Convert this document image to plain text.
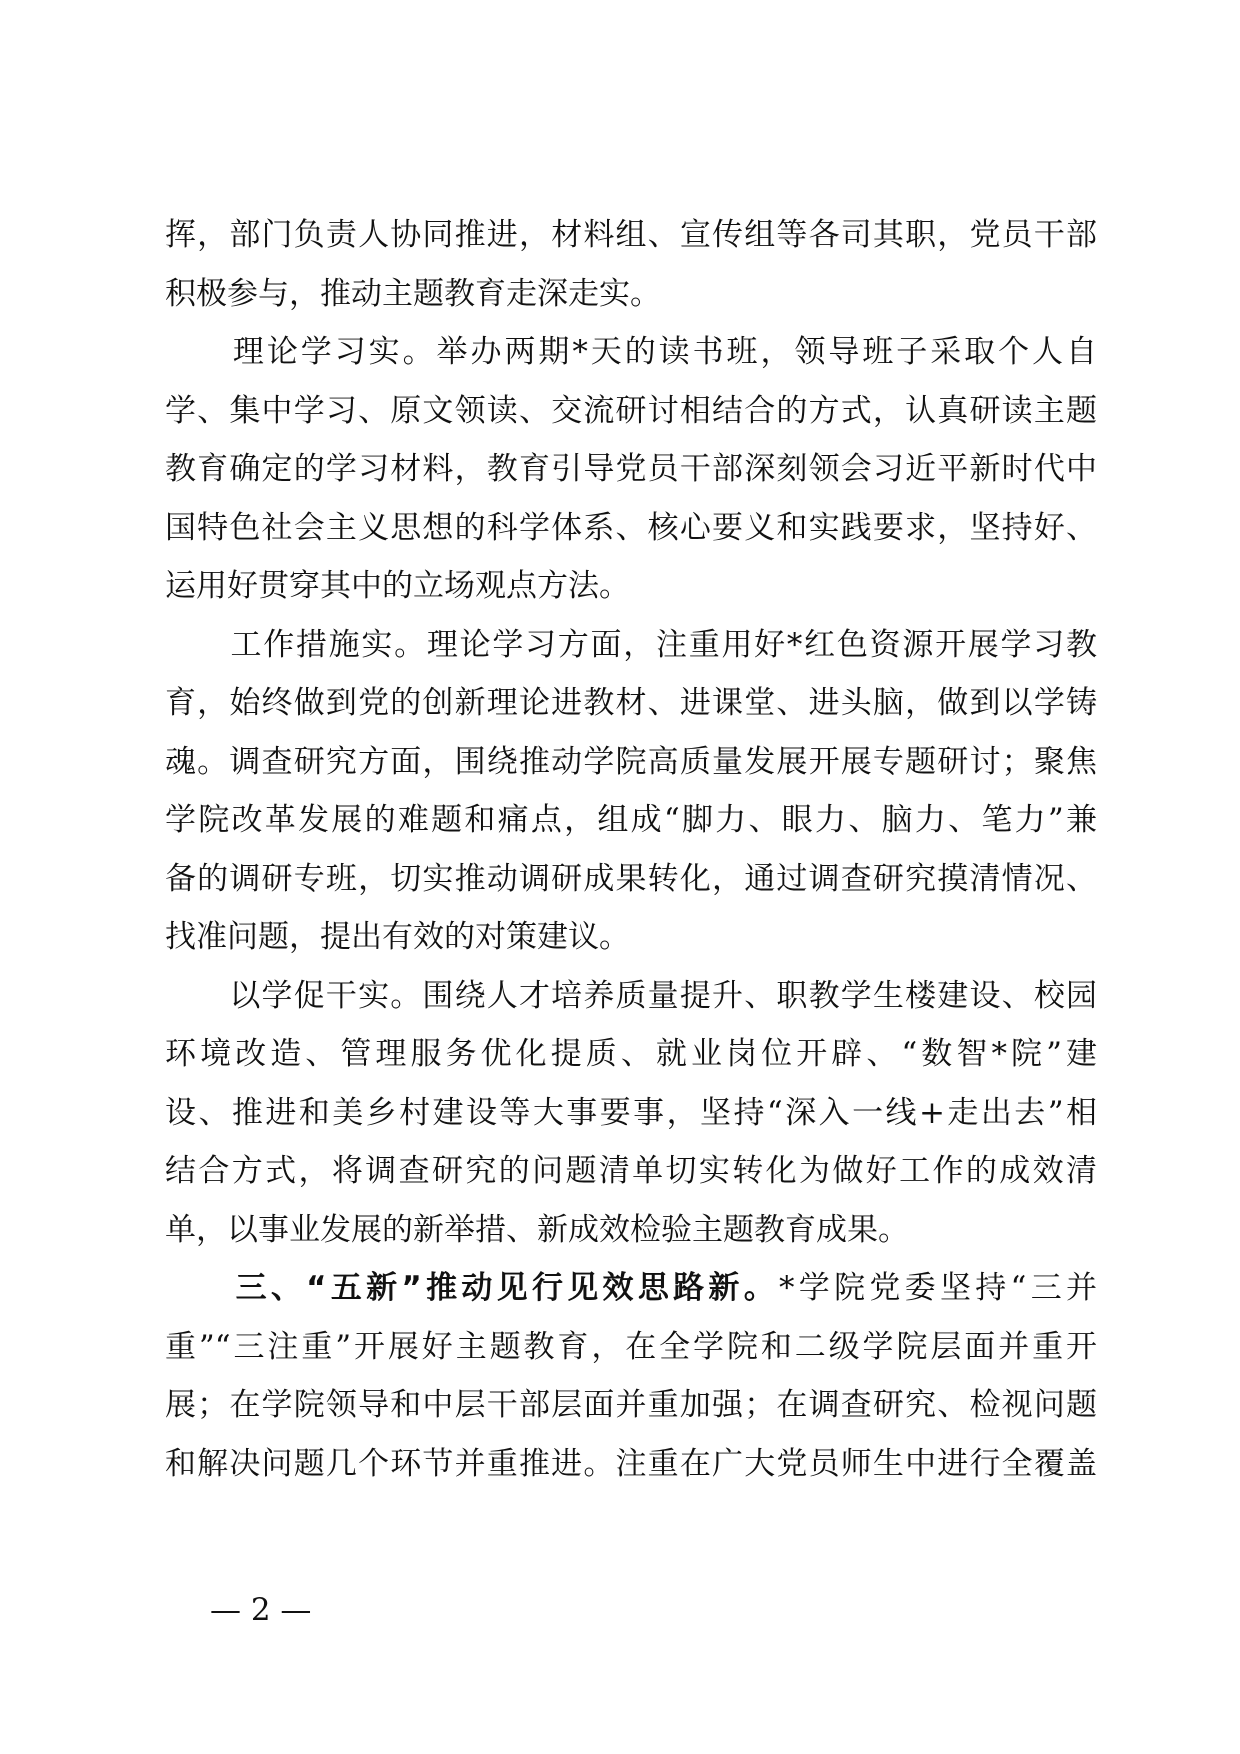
挥，部门负责人协同推进，材料组、宣传组等各司其职，党员干部
积极参与，推动主题教育走深走实。
　　理论学习实。举办两期*天的读书班，领导班子采取个人自
学、集中学习、原文领读、交流研讨相结合的方式，认真研读主题
教育确定的学习材料，教育引导党员干部深刻领会习近平新时代中
国特色社会主义思想的科学体系、核心要义和实践要求，坚持好、
运用好贯穿其中的立场观点方法。
　　工作措施实。理论学习方面，注重用好*红色资源开展学习教
育，始终做到党的创新理论进教材、进课堂、进头脑，做到以学铸
魂。调查研究方面，围绕推动学院高质量发展开展专题研讨；聚焦
学院改革发展的难题和痛点，组成“脚力、眼力、脑力、笔力”兼
备的调研专班，切实推动调研成果转化，通过调查研究摸清情况、
找准问题，提出有效的对策建议。
　　以学促干实。围绕人才培养质量提升、职教学生楼建设、校园
环境改造、管理服务优化提质、就业岗位开辟、“数智*院”建
设、推进和美乡村建设等大事要事，坚持“深入一线+走出去”相
结合方式，将调查研究的问题清单切实转化为做好工作的成效清
单，以事业发展的新举措、新成效检验主题教育成果。
　　三、“五新”推动见行见效思路新。*学院党委坚持“三并
重”“三注重”开展好主题教育，在全学院和二级学院层面并重开
展；在学院领导和中层干部层面并重加强；在调查研究、检视问题
和解决问题几个环节并重推进。注重在广大党员师生中进行全覆盖
— 2 —
